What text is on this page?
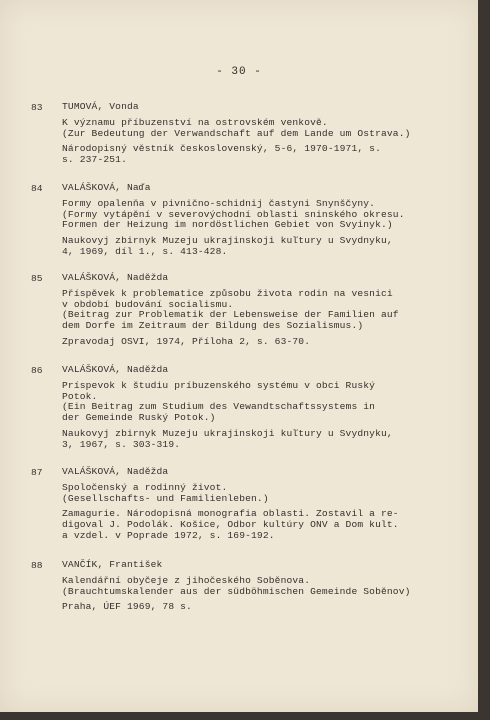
- 30 -
83 TUMOVÁ, Vonda
K významu příbuzenství na ostrovském venkově.
(Zur Bedeutung der Verwandschaft auf dem Lande um Ostrava.)
Národopisný věstník československý, 5-6, 1970-1971, s.
s. 237-251.
84 VALÁŠKOVÁ, Naďa
Formy opalenňa v pivnično-schidnij častyni Snynščyny.
(Formy vytápění v severovýchodní oblasti sninského okresu.
Formen der Heizung im nordöstlichen Gebiet von Svyinyk.)
Naukovyj zbirnyk Muzeju ukrajinskoji kuľtury u Svydnyku,
4, 1969, díl 1., s. 413-428.
85 VALÁŠKOVÁ, Naděžda
Příspěvek k problematice způsobu života rodin na vesnici
v období budování socialismu.
(Beitrag zur Problematik der Lebensweise der Familien auf
dem Dorfe im Zeitraum der Bildung des Sozialismus.)
Zpravodaj OSVI, 1974, Příloha 2, s. 63-70.
86 VALÁŠKOVÁ, Naděžda
Príspevok k študiu príbuzenského systému v obci Ruský
Potok.
(Ein Beitrag zum Studium des Vewandtschaftssystems in
der Gemeinde Ruský Potok.)
Naukovyj zbirnyk Muzeju ukrajinskoji kuľtury u Svydnyku,
3, 1967, s. 303-319.
87 VALÁŠKOVÁ, Naděžda
Spoločenský a rodinný život.
(Gesellschafts- und Familienleben.)
Zamagurie. Národopisná monografia oblasti. Zostavil a re-
digoval J. Podolák. Košice, Odbor kultúry ONV a Dom kult.
a vzdel. v Poprade 1972, s. 169-192.
88 VANČÍK, František
Kalendářní obyčeje z jihočeského Soběnova.
(Brauchtumskalender aus der südböhmischen Gemeinde Soběnov)
Praha, ÚEF 1969, 78 s.
